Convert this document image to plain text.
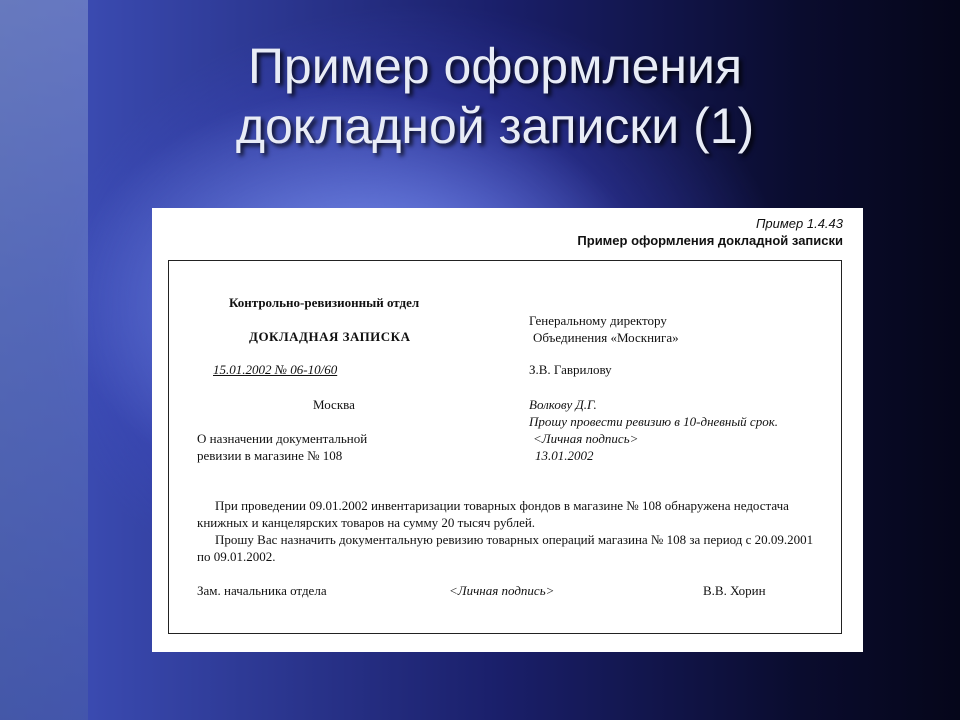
Пример оформления
докладной записки (1)
Пример 1.4.43
Пример оформления докладной записки
Контрольно-ревизионный отдел
ДОКЛАДНАЯ ЗАПИСКА
15.01.2002 № 06-10/60
Москва
О назначении документальной
ревизии в магазине № 108
Генеральному директору
Объединения «Москнига»
З.В. Гаврилову
Волкову Д.Г.
Прошу провести ревизию в 10-дневный срок.
<Личная подпись>
13.01.2002
При проведении 09.01.2002 инвентаризации товарных фондов в магазине № 108 обнаружена недостача книжных и канцелярских товаров на сумму 20 тысяч рублей.
Прошу Вас назначить документальную ревизию товарных операций магазина № 108 за период с 20.09.2001 по 09.01.2002.
Зам. начальника отдела	<Личная подпись>	В.В. Хорин
